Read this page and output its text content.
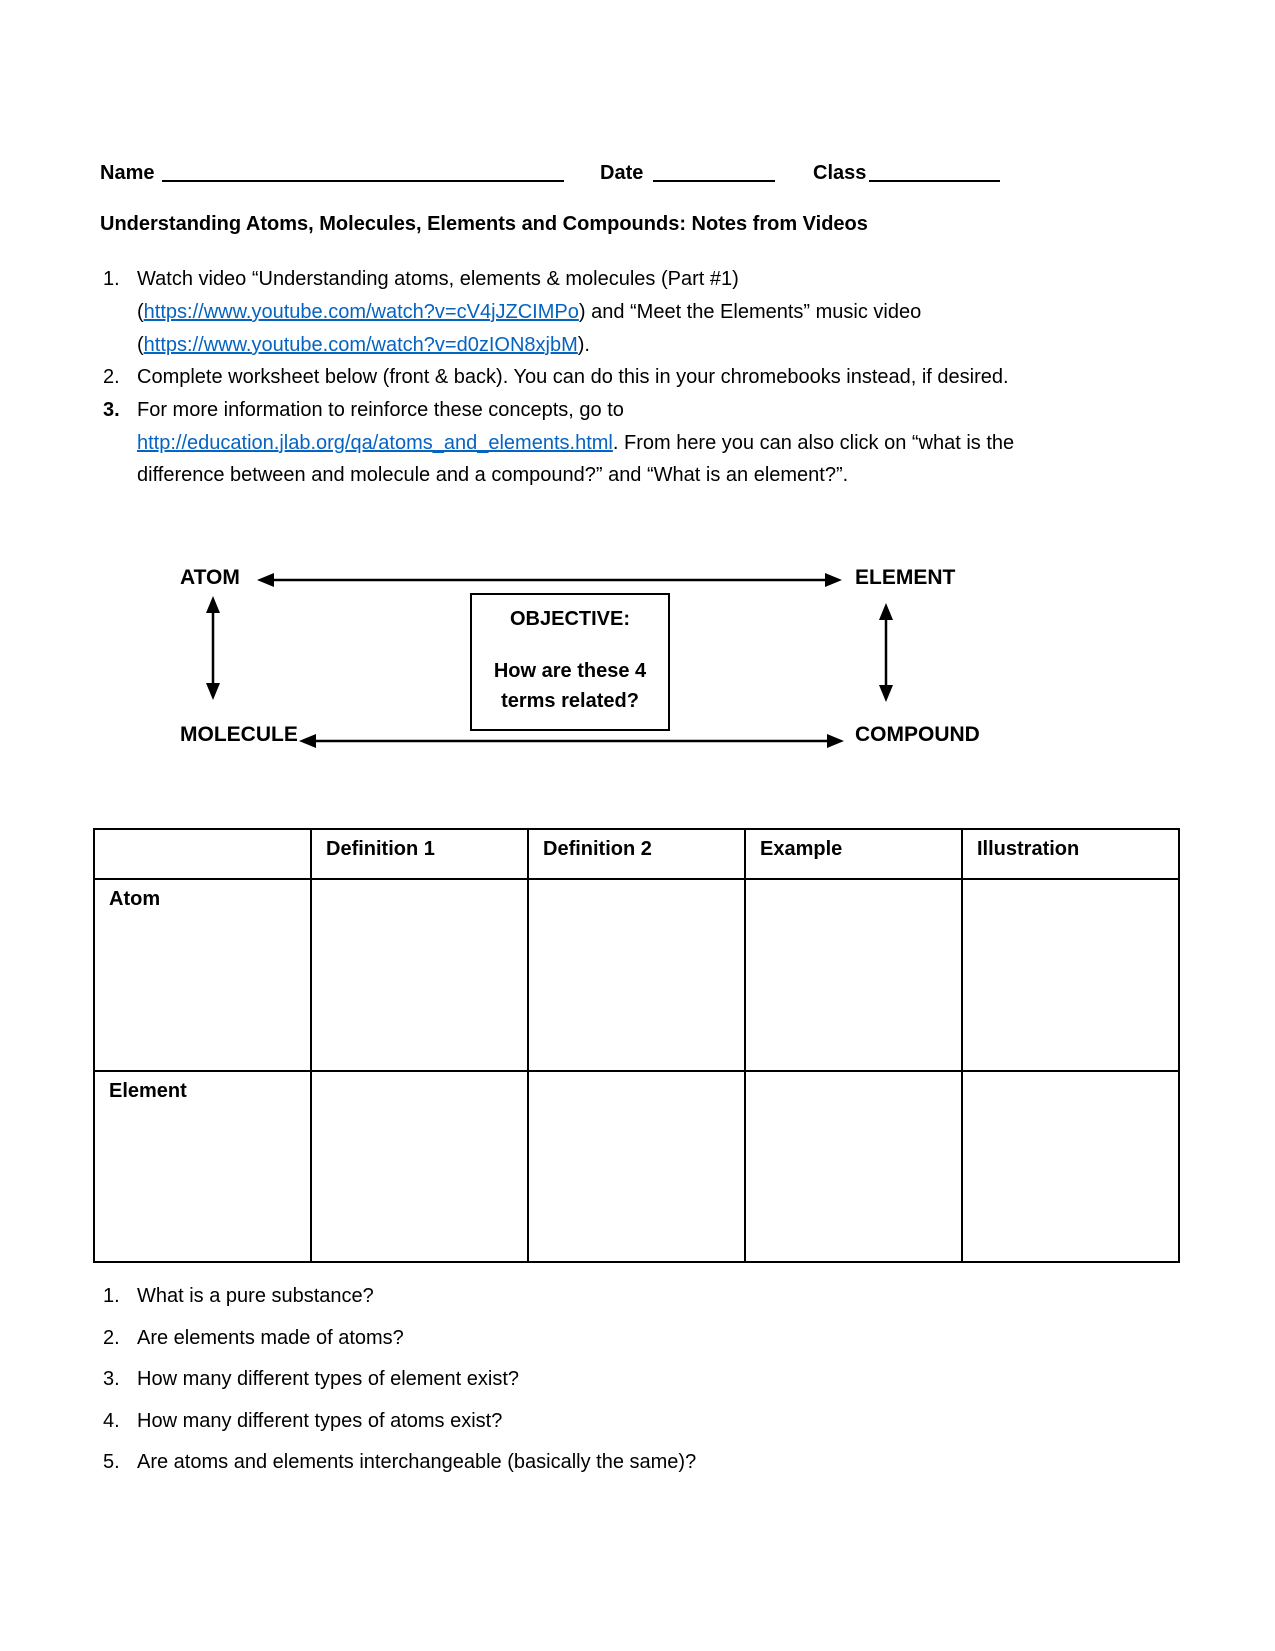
Name	Date	Class
Understanding Atoms, Molecules, Elements and Compounds: Notes from Videos
1. Watch video “Understanding atoms, elements & molecules (Part #1)
(https://www.youtube.com/watch?v=cV4jJZCIMPo) and “Meet the Elements” music video
(https://www.youtube.com/watch?v=d0zION8xjbM).
2. Complete worksheet below (front & back). You can do this in your chromebooks instead, if desired.
3. For more information to reinforce these concepts, go to
http://education.jlab.org/qa/atoms_and_elements.html. From here you can also click on “what is the
difference between and molecule and a compound?” and “What is an element?”.
ATOM	ELEMENT
MOLECULE	COMPOUND
OBJECTIVE:
How are these 4
terms related?
	Definition 1	Definition 2	Example	Illustration
Atom				
Element				
1. What is a pure substance?
2. Are elements made of atoms?
3. How many different types of element exist?
4. How many different types of atoms exist?
5. Are atoms and elements interchangeable (basically the same)?
